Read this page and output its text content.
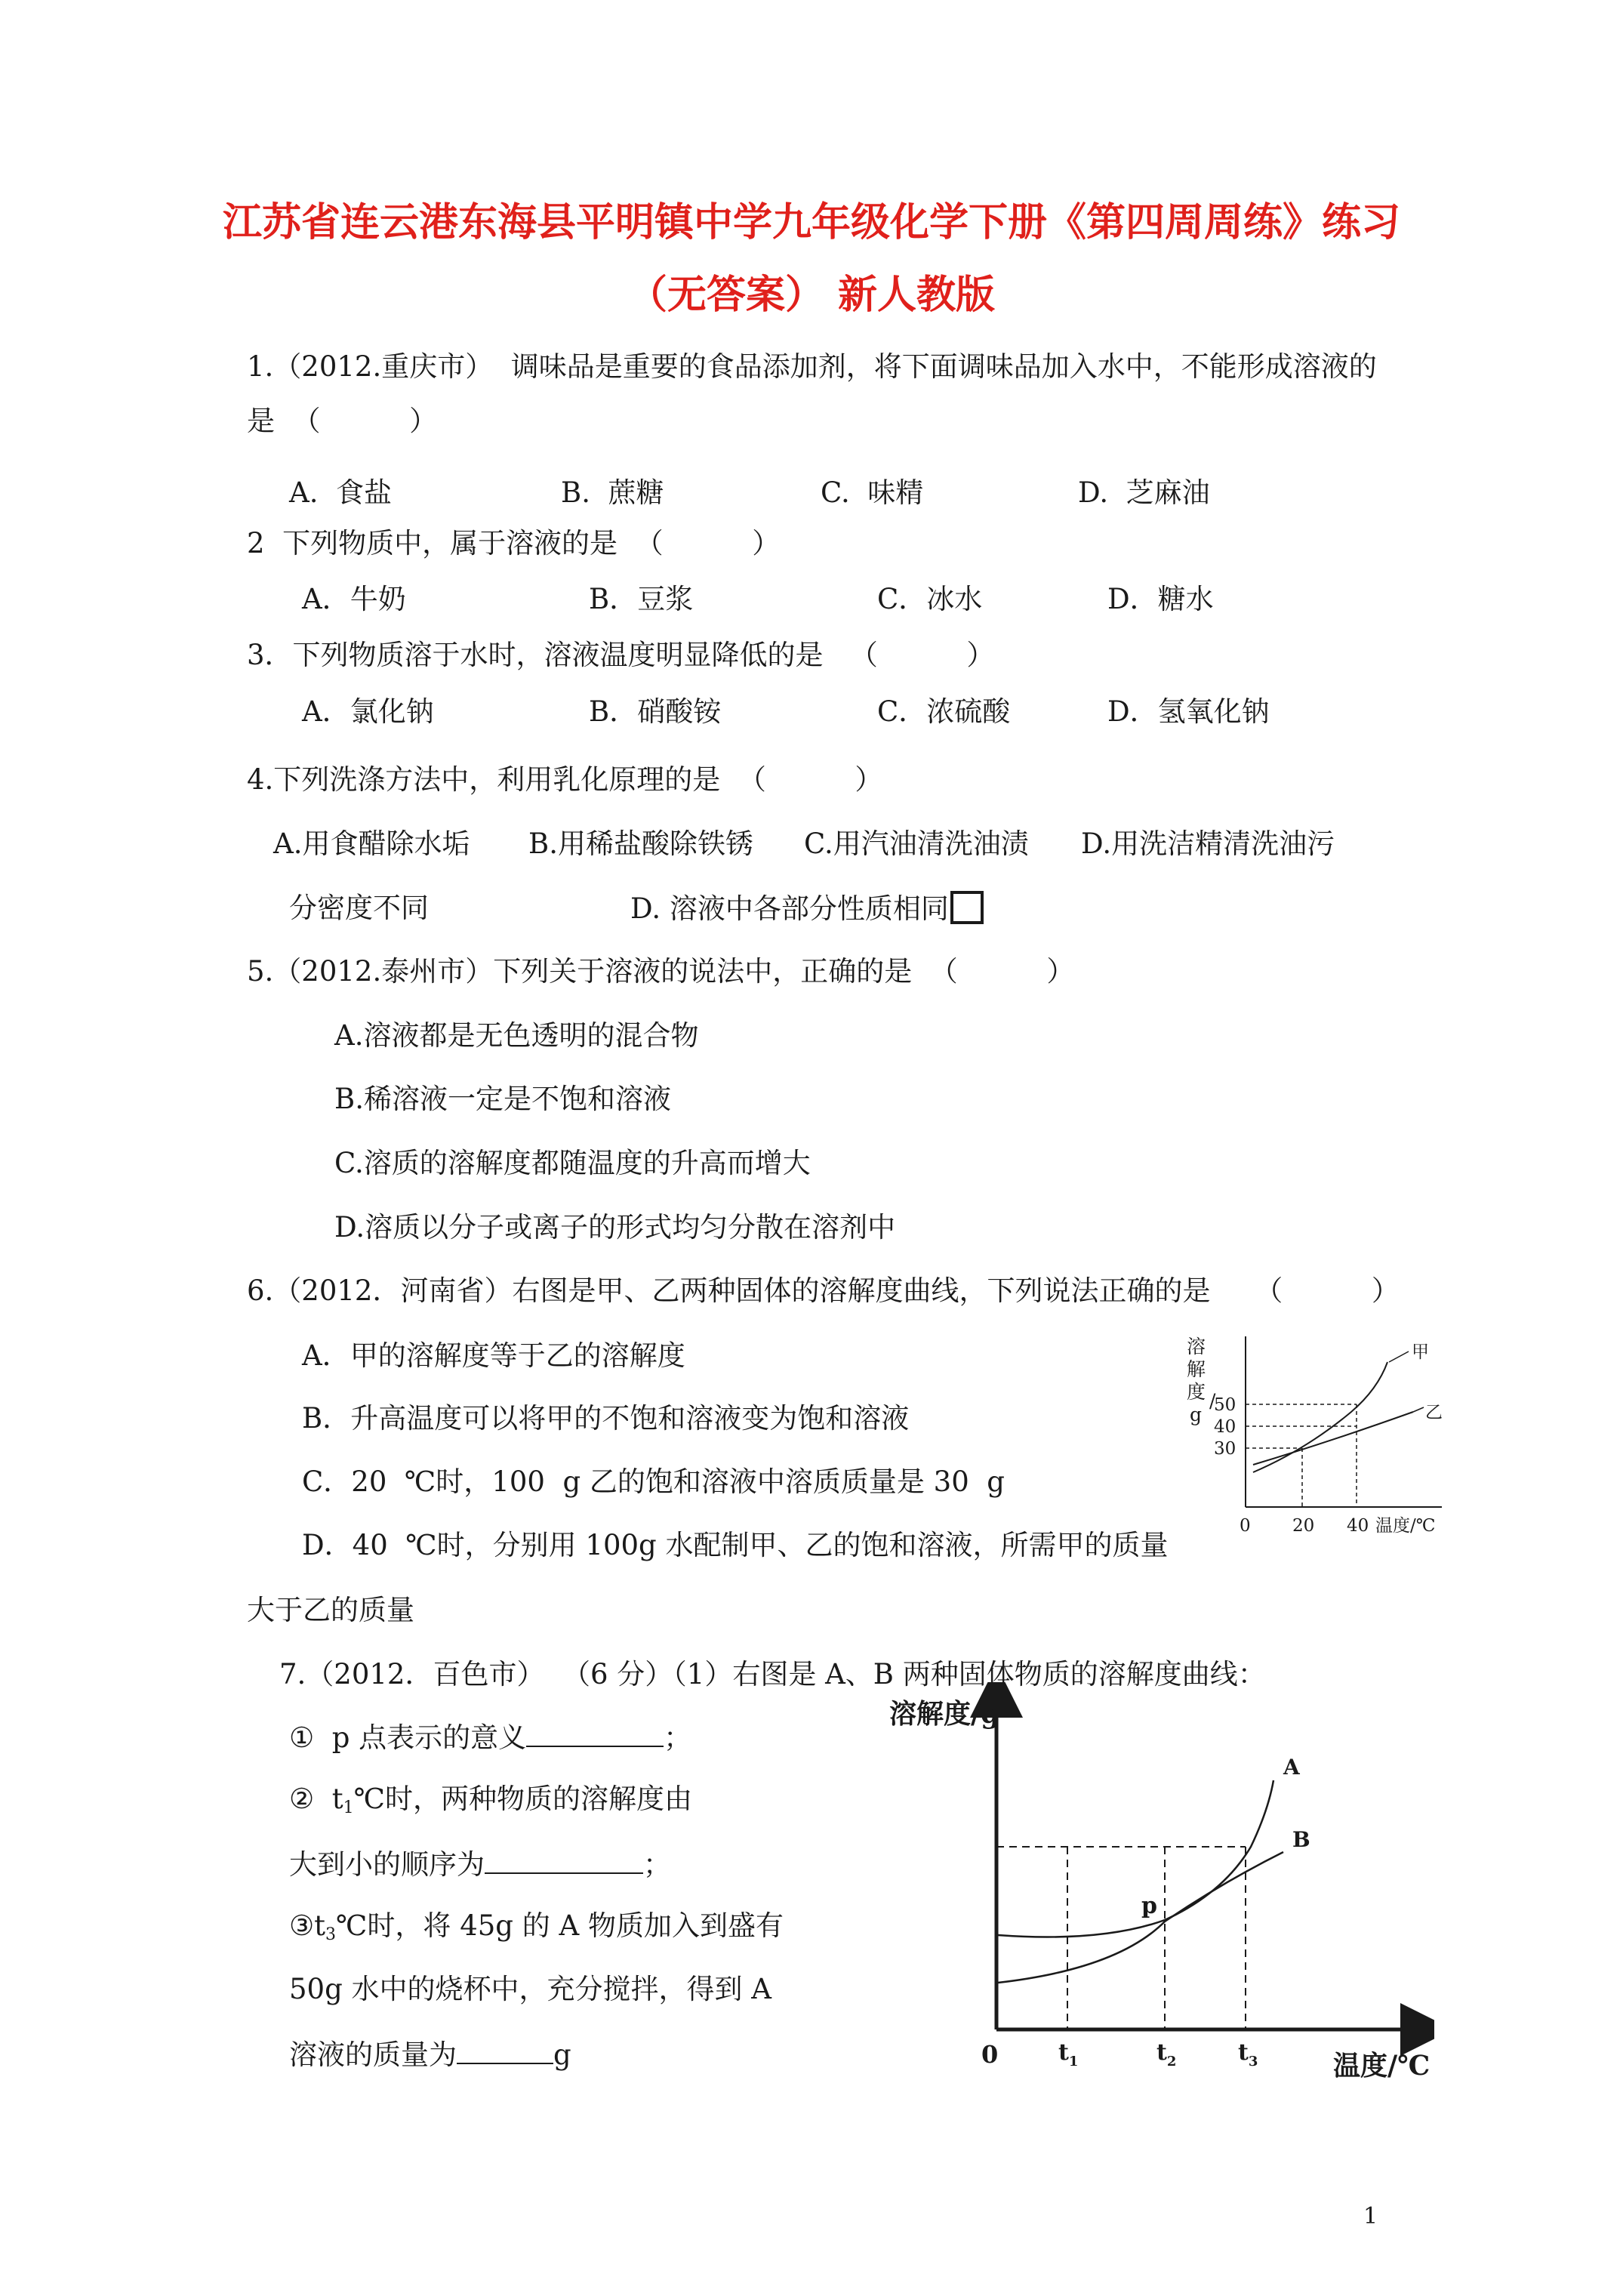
江苏省连云港东海县平明镇中学九年级化学下册《第四周周练》练习
（无答案） 新人教版
1.（2012.重庆市）  调味品是重要的食品添加剂，将下面调味品加入水中，不能形成溶液的
是  （          ）
A.  食盐	B.  蔗糖	C.  味精	D.  芝麻油
2  下列物质中，属于溶液的是  （          ）
A．牛奶	B．豆浆	C．冰水	D．糖水
3．下列物质溶于水时，溶液温度明显降低的是   （          ）
A．氯化钠	B．硝酸铵	C．浓硫酸	D．氢氧化钠
4.下列洗涤方法中，利用乳化原理的是  （          ）
A.用食醋除水垢 B.用稀盐酸除铁锈 C.用汽油清洗油渍 D.用洗洁精清洗油污
分密度不同	D. 溶液中各部分性质相同
5.（2012.泰州市）下列关于溶液的说法中，正确的是  （          ）
A.溶液都是无色透明的混合物
B.稀溶液一定是不饱和溶液
C.溶质的溶解度都随温度的升高而增大
D.溶质以分子或离子的形式均匀分散在溶剂中
6.（2012．河南省）右图是甲、乙两种固体的溶解度曲线，下列说法正确的是     （          ）
A．甲的溶解度等于乙的溶解度
B．升高温度可以将甲的不饱和溶液变为饱和溶液
C．20  ℃时，100  g 乙的饱和溶液中溶质质量是 30  g
D．40  ℃时，分别用 100g 水配制甲、乙的饱和溶液，所需甲的质量
大于乙的质量
溶
解
度 /
g 50
40
30
0 20 40 温度/℃
甲
乙
7.（2012．百色市）  （6 分）（1）右图是 A、B 两种固体物质的溶解度曲线：
①  p 点表示的意义	；
②  $t_1℃$时，两种物质的溶解度由
大到小的顺序为	；
$③t_3℃$时，将 45g 的 A 物质加入到盛有
50g 水中的烧杯中，充分搅拌，得到 A
溶液的质量为	g
溶解度/g
温度/℃
0
A
B
p
$t_1$	$t_2$	$t_3$
1
